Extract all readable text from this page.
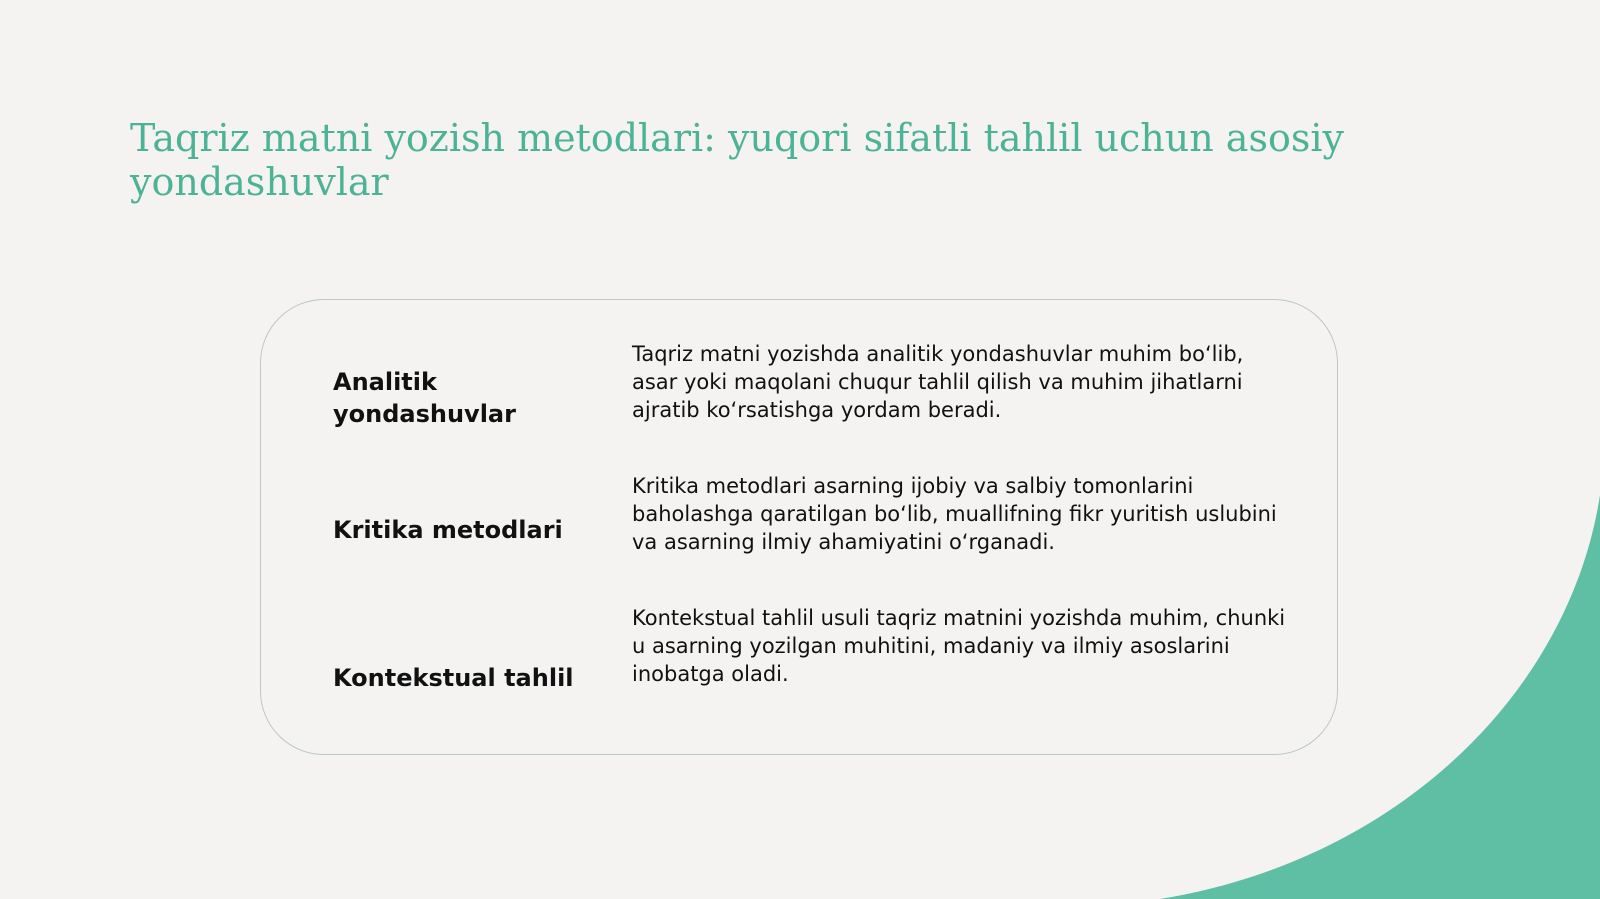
Taqriz matni yozish metodlari: yuqori sifatli tahlil uchun asosiy yondashuvlar

Analitik yondashuvlar

Taqriz matni yozishda analitik yondashuvlar muhim bo‘lib, asar yoki maqolani chuqur tahlil qilish va muhim jihatlarni ajratib ko‘rsatishga yordam beradi.

Kritika metodlari

Kritika metodlari asarning ijobiy va salbiy tomonlarini baholashga qaratilgan bo‘lib, muallifning fikr yuritish uslubini va asarning ilmiy ahamiyatini o‘rganadi.

Kontekstual tahlil

Kontekstual tahlil usuli taqriz matnini yozishda muhim, chunki u asarning yozilgan muhitini, madaniy va ilmiy asoslarini inobatga oladi.
